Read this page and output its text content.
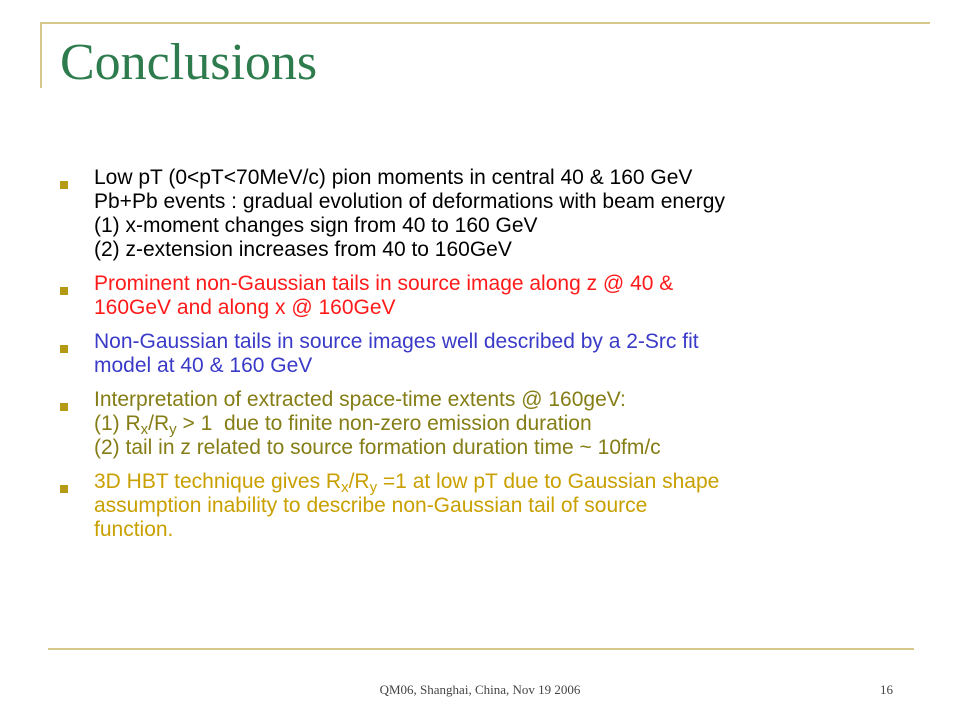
Conclusions
Low pT (0<pT<70MeV/c) pion moments in central 40 & 160 GeV
Pb+Pb events : gradual evolution of deformations with beam energy
(1) x-moment changes sign from 40 to 160 GeV
(2) z-extension increases from 40 to 160GeV
Prominent non-Gaussian tails in source image along z @ 40 &
160GeV and along x @ 160GeV
Non-Gaussian tails in source images well described by a 2-Src fit
model at 40 & 160 GeV
Interpretation of extracted space-time extents @ 160geV:
(1) $R_x/R_y > 1$  due to finite non-zero emission duration
(2) tail in z related to source formation duration time ~ 10fm/c
3D HBT technique gives $R_x/R_y =1$ at low pT due to Gaussian shape
assumption inability to describe non-Gaussian tail of source
function.
QM06, Shanghai, China, Nov 19 2006	16
